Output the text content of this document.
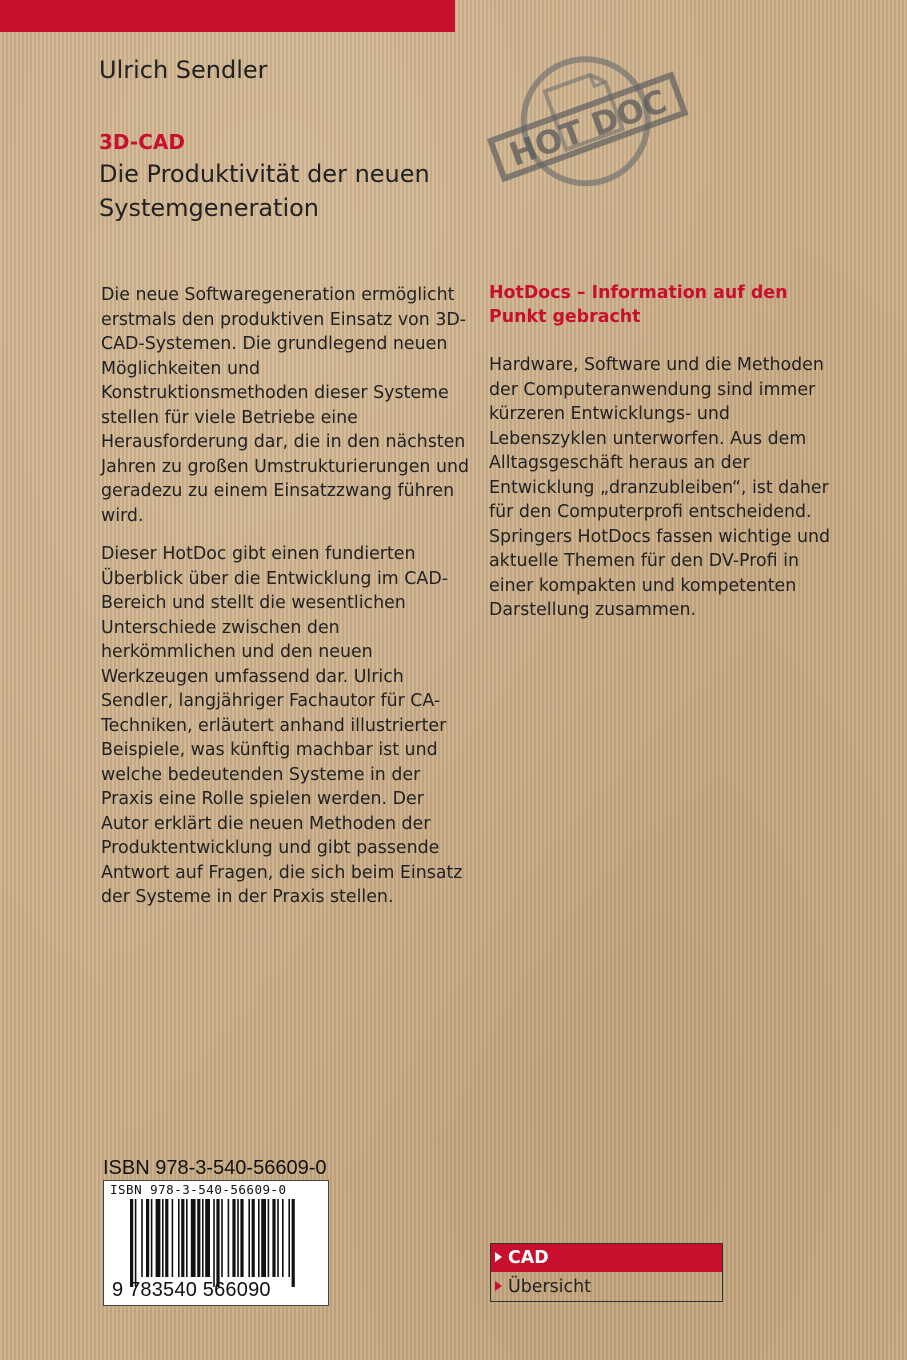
Ulrich Sendler
3D-CAD
Die Produktivität der neuen Systemgeneration
HOT DOC

Die neue Softwaregeneration ermöglicht erstmals den produktiven Einsatz von 3D-CAD-Systemen. Die grundlegend neuen Möglichkeiten und Konstruktionsmethoden dieser Systeme stellen für viele Betriebe eine Herausforderung dar, die in den nächsten Jahren zu großen Umstrukturierungen und geradezu zu einem Einsatzzwang führen wird.

Dieser HotDoc gibt einen fundierten Überblick über die Entwicklung im CAD-Bereich und stellt die wesentlichen Unterschiede zwischen den herkömmlichen und den neuen Werkzeugen umfassend dar. Ulrich Sendler, langjähriger Fachautor für CA-Techniken, erläutert anhand illustrierter Beispiele, was künftig machbar ist und welche bedeutenden Systeme in der Praxis eine Rolle spielen werden. Der Autor erklärt die neuen Methoden der Produktentwicklung und gibt passende Antwort auf Fragen, die sich beim Einsatz der Systeme in der Praxis stellen.

HotDocs – Information auf den Punkt gebracht

Hardware, Software und die Methoden der Computeranwendung sind immer kürzeren Entwicklungs- und Lebenszyklen unterworfen. Aus dem Alltagsgeschäft heraus an der Entwicklung „dranzubleiben“, ist daher für den Computerprofi entscheidend. Springers HotDocs fassen wichtige und aktuelle Themen für den DV-Profi in einer kompakten und kompetenten Darstellung zusammen.

ISBN 978-3-540-56609-0
ISBN 978-3-540-56609-0
9 783540 566090
CAD
Übersicht
